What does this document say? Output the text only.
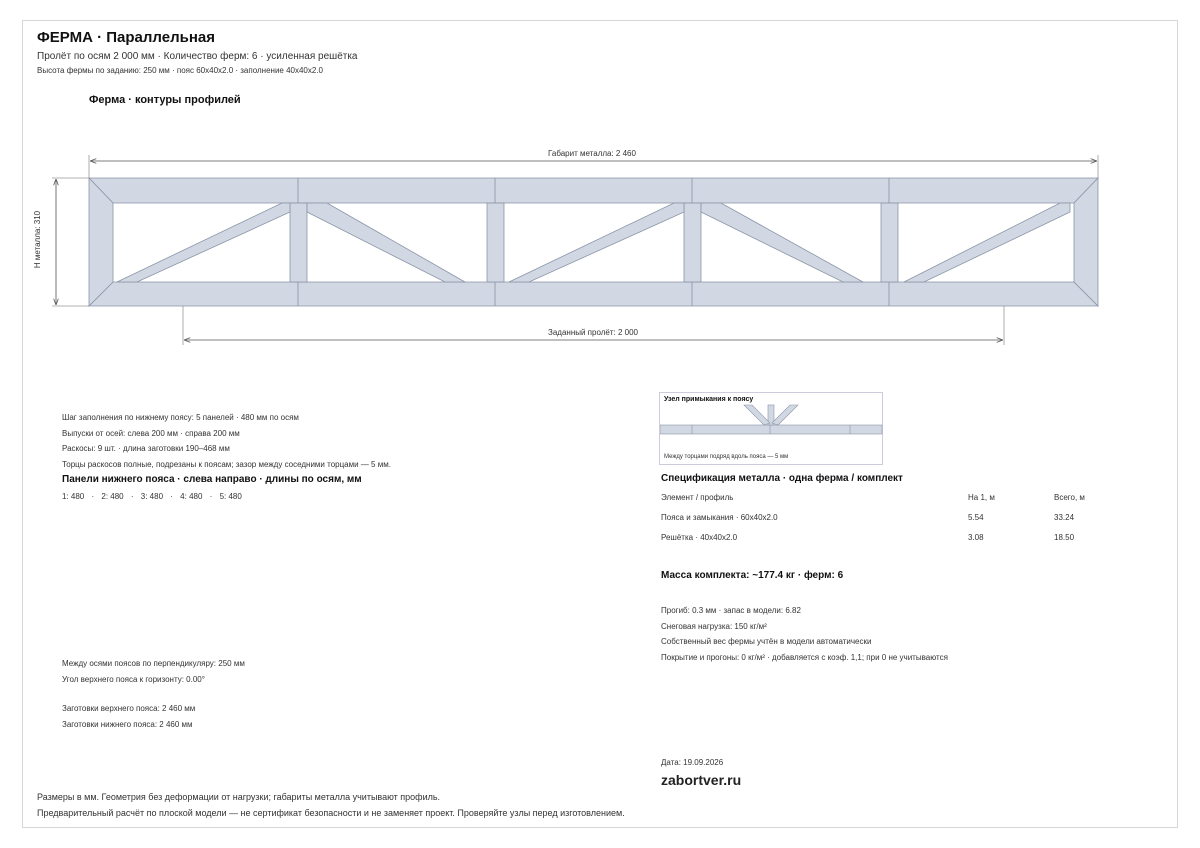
ФЕРМА · Параллельная
Пролёт по осям 2 000 мм · Количество ферм: 6 · усиленная решётка
Высота фермы по заданию: 250 мм · пояс 60x40x2.0 · заполнение 40x40x2.0
Ферма · контуры профилей
Габарит металла: 2 460
H металла: 310
Заданный пролёт: 2 000
Шаг заполнения по нижнему поясу: 5 панелей · 480 мм по осям
Выпуски от осей: слева 200 мм · справа 200 мм
Раскосы: 9 шт. · длина заготовки 190–468 мм
Торцы раскосов полные, подрезаны к поясам; зазор между соседними торцами — 5 мм.
Панели нижнего пояса · слева направо · длины по осям, мм
1: 480 · 2: 480 · 3: 480 · 4: 480 · 5: 480
Между осями поясов по перпендикуляру: 250 мм
Угол верхнего пояса к горизонту: 0.00°
Заготовки верхнего пояса: 2 460 мм
Заготовки нижнего пояса: 2 460 мм
Узел примыкания к поясу
Между торцами подряд вдоль пояса — 5 мм
Спецификация металла · одна ферма / комплект
Элемент / профиль	На 1, м	Всего, м
Пояса и замыкания · 60x40x2.0	5.54	33.24
Решётка · 40x40x2.0	3.08	18.50
Масса комплекта: ~177.4 кг · ферм: 6
Прогиб: 0.3 мм · запас в модели: 6.82
Снеговая нагрузка: 150 кг/м²
Собственный вес фермы учтён в модели автоматически
Покрытие и прогоны: 0 кг/м² · добавляется с коэф. 1,1; при 0 не учитываются
Дата: 19.09.2026
zabortver.ru
Размеры в мм. Геометрия без деформации от нагрузки; габариты металла учитывают профиль.
Предварительный расчёт по плоской модели — не сертификат безопасности и не заменяет проект. Проверяйте узлы перед изготовлением.
